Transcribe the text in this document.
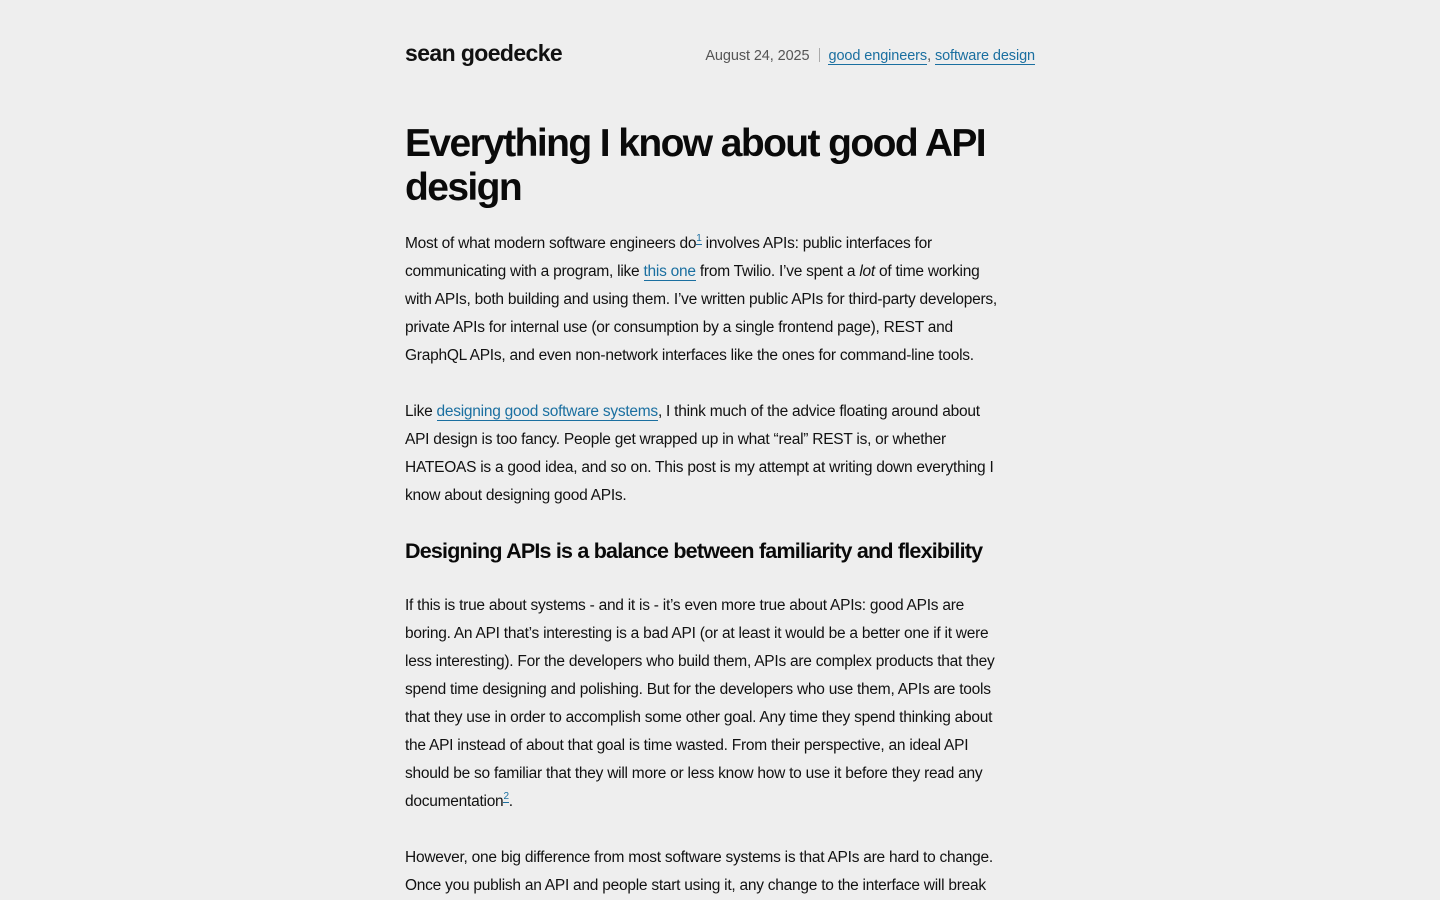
sean goedecke	August 24, 2025 good engineers, software design
Everything I know about good API
design

Most of what modern software engineers do$^1$ involves APIs: public interfaces for
communicating with a program, like this one from Twilio. I’ve spent a lot of time working
with APIs, both building and using them. I’ve written public APIs for third-party developers,
private APIs for internal use (or consumption by a single frontend page), REST and
GraphQL APIs, and even non-network interfaces like the ones for command-line tools.

Like designing good software systems, I think much of the advice floating around about
API design is too fancy. People get wrapped up in what “real” REST is, or whether
HATEOAS is a good idea, and so on. This post is my attempt at writing down everything I
know about designing good APIs.

Designing APIs is a balance between familiarity and flexibility

If this is true about systems - and it is - it’s even more true about APIs: good APIs are
boring. An API that’s interesting is a bad API (or at least it would be a better one if it were
less interesting). For the developers who build them, APIs are complex products that they
spend time designing and polishing. But for the developers who use them, APIs are tools
that they use in order to accomplish some other goal. Any time they spend thinking about
the API instead of about that goal is time wasted. From their perspective, an ideal API
should be so familiar that they will more or less know how to use it before they read any
documentation$^2$.

However, one big difference from most software systems is that APIs are hard to change.
Once you publish an API and people start using it, any change to the interface will break
